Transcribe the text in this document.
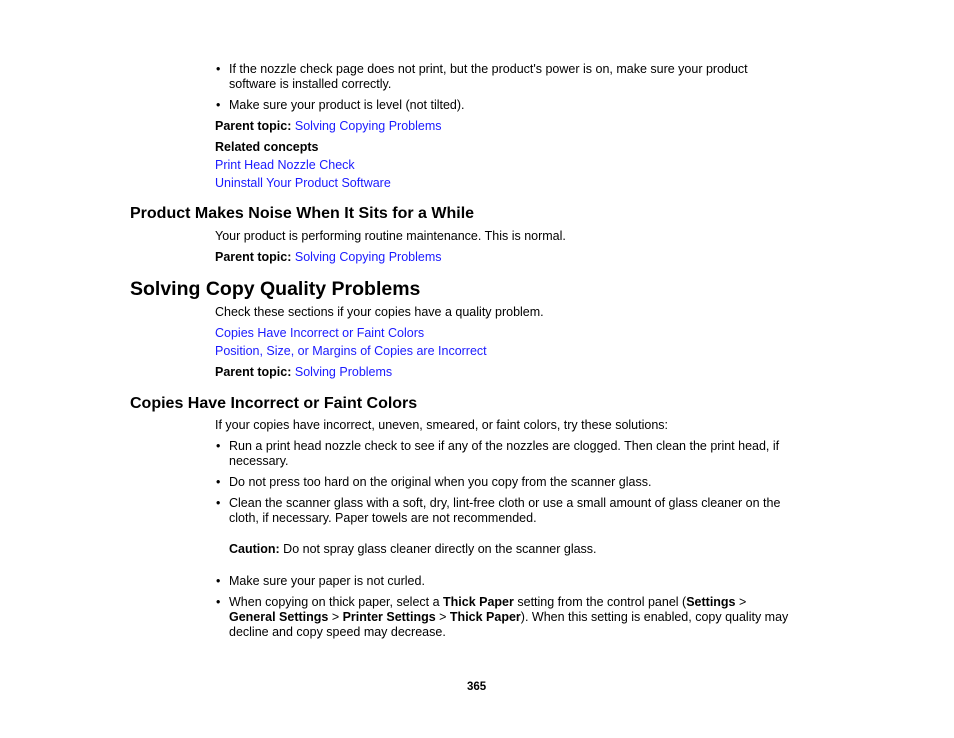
• If the nozzle check page does not print, but the product's power is on, make sure your product
software is installed correctly.
• Make sure your product is level (not tilted).
Parent topic: Solving Copying Problems
Related concepts
Print Head Nozzle Check
Uninstall Your Product Software
Product Makes Noise When It Sits for a While
Your product is performing routine maintenance. This is normal.
Parent topic: Solving Copying Problems
Solving Copy Quality Problems
Check these sections if your copies have a quality problem.
Copies Have Incorrect or Faint Colors
Position, Size, or Margins of Copies are Incorrect
Parent topic: Solving Problems
Copies Have Incorrect or Faint Colors
If your copies have incorrect, uneven, smeared, or faint colors, try these solutions:
• Run a print head nozzle check to see if any of the nozzles are clogged. Then clean the print head, if
necessary.
• Do not press too hard on the original when you copy from the scanner glass.
• Clean the scanner glass with a soft, dry, lint-free cloth or use a small amount of glass cleaner on the
cloth, if necessary. Paper towels are not recommended.
Caution: Do not spray glass cleaner directly on the scanner glass.
• Make sure your paper is not curled.
• When copying on thick paper, select a Thick Paper setting from the control panel (Settings >
General Settings > Printer Settings > Thick Paper). When this setting is enabled, copy quality may
decline and copy speed may decrease.
365
